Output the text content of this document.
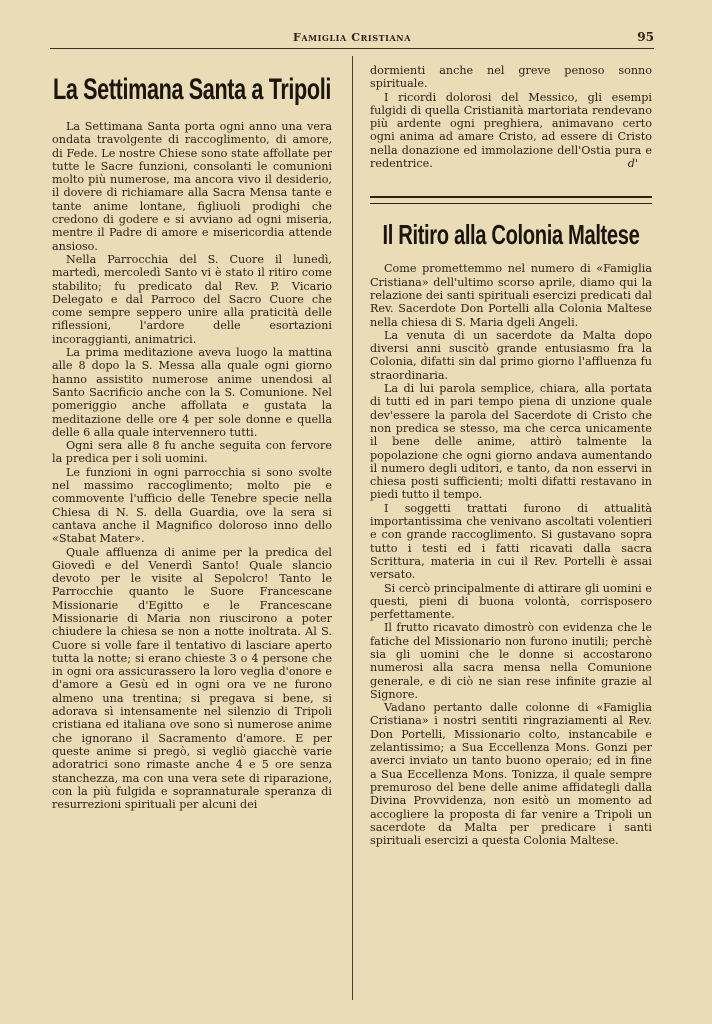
Famiglia Cristiana	95
La Settimana Santa a Tripoli

La Settimana Santa porta ogni anno una vera ondata travolgente di raccoglimento, di amore, di Fede. Le nostre Chiese sono state affollate per tutte le Sacre funzioni, consolanti le comunioni molto più numerose, ma ancora vivo il desiderio, il dovere di richiamare alla Sacra Mensa tante e tante anime lontane, figliuoli prodighi che credono di godere e si avviano ad ogni miseria, mentre il Padre di amore e misericordia attende ansioso.

Nella Parrocchia del S. Cuore il lunedì, martedì, mercoledì Santo vi è stato il ritiro come stabilito; fu predicato dal Rev. P. Vicario Delegato e dal Parroco del Sacro Cuore che come sempre seppero unire alla praticità delle riflessioni, l'ardore delle esortazioni incoraggianti, animatrici.

La prima meditazione aveva luogo la mattina alle 8 dopo la S. Messa alla quale ogni giorno hanno assistito numerose anime unendosi al Santo Sacrificio anche con la S. Comunione. Nel pomeriggio anche affollata e gustata la meditazione delle ore 4 per sole donne e quella delle 6 alla quale intervennero tutti.

Ogni sera alle 8 fu anche seguita con fervore la predica per i soli uomini.

Le funzioni in ogni parrocchia si sono svolte nel massimo raccoglimento; molto pie e commovente l'ufficio delle Tenebre specie nella Chiesa di N. S. della Guardia, ove la sera si cantava anche il Magnifico doloroso inno dello «Stabat Mater».

Quale affluenza di anime per la predica del Giovedì e del Venerdì Santo! Quale slancio devoto per le visite al Sepolcro! Tanto le Parrocchie quanto le Suore Francescane Missionarie d'Egitto e le Francescane Missionarie di Maria non riuscirono a poter chiudere la chiesa se non a notte inoltrata. Al S. Cuore si volle fare il tentativo di lasciare aperto tutta la notte; si erano chieste 3 o 4 persone che in ogni ora assicurassero la loro veglia d'onore e d'amore a Gesù ed in ogni ora ve ne furono almeno una trentina; si pregava si bene, si adorava sì intensamente nel silenzio di Tripoli cristiana ed italiana ove sono sì numerose anime che ignorano il Sacramento d'amore. E per queste anime si pregò, si vegliò giacchè varie adoratrici sono rimaste anche 4 e 5 ore senza stanchezza, ma con una vera sete di riparazione, con la più fulgida e soprannaturale speranza di resurrezioni spirituali per alcuni dei

dormienti anche nel greve penoso sonno spirituale.

I ricordi dolorosi del Messico, gli esempi fulgidi di quella Cristianità martoriata rendevano più ardente ogni preghiera, animavano certo ogni anima ad amare Cristo, ad essere di Cristo nella donazione ed immolazione dell'Ostia pura e redentrice.	d'

Il Ritiro alla Colonia Maltese

Come promettemmo nel numero di «Famiglia Cristiana» dell'ultimo scorso aprile, diamo qui la relazione dei santi spirituali esercizi predicati dal Rev. Sacerdote Don Portelli alla Colonia Maltese nella chiesa di S. Maria dgeli Angeli.

La venuta di un sacerdote da Malta dopo diversi anni suscitò grande entusiasmo fra la Colonia, difatti sin dal primo giorno l'affluenza fu straordinaria.

La di lui parola semplice, chiara, alla portata di tutti ed in pari tempo piena di unzione quale dev'essere la parola del Sacerdote di Cristo che non predica se stesso, ma che cerca unicamente il bene delle anime, attirò talmente la popolazione che ogni giorno andava aumentando il numero degli uditori, e tanto, da non esservi in chiesa posti sufficienti; molti difatti restavano in piedi tutto il tempo.

I soggetti trattati furono di attualità importantissima che venivano ascoltati volentieri e con grande raccoglimento. Si gustavano sopra tutto i testi ed i fatti ricavati dalla sacra Scrittura, materia in cui il Rev. Portelli è assai versato.

Si cercò principalmente di attirare gli uomini e questi, pieni di buona volontà, corrisposero perfettamente.

Il frutto ricavato dimostrò con evidenza che le fatiche del Missionario non furono inutili; perchè sia gli uomini che le donne si accostarono numerosi alla sacra mensa nella Comunione generale, e di ciò ne sian rese infinite grazie al Signore.

Vadano pertanto dalle colonne di «Famiglia Cristiana» i nostri sentiti ringraziamenti al Rev. Don Portelli, Missionario colto, instancabile e zelantissimo; a Sua Eccellenza Mons. Gonzi per averci inviato un tanto buono operaio; ed in fine a Sua Eccellenza Mons. Tonizza, il quale sempre premuroso del bene delle anime affidategli dalla Divina Provvidenza, non esitò un momento ad accogliere la proposta di far venire a Tripoli un sacerdote da Malta per predicare i santi spirituali esercizi a questa Colonia Maltese.
